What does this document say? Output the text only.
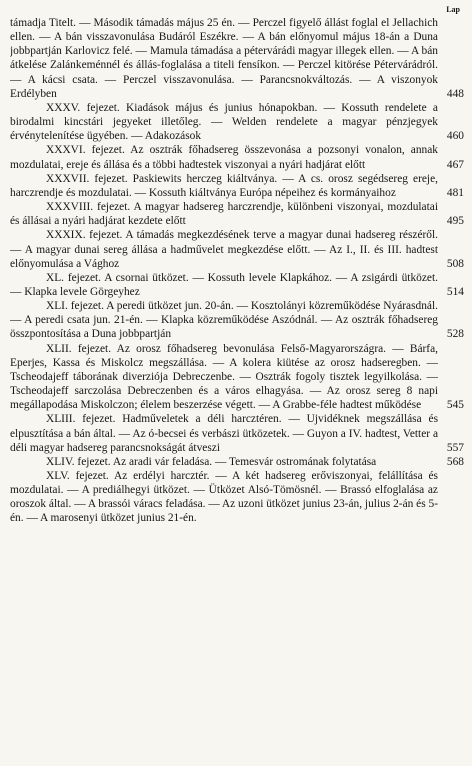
Lap
támadja Titelt. — Második támadás május 25 én. — Perczel figyelő állást foglal el Jellachich ellen. — A bán visszavonulása Budáról Eszékre. — A bán előnyomul május 18-án a Duna jobbpartján Karlovicz felé. — Mamula támadása a pétervárádi magyar illegek ellen. — A bán átkelése Zalánkeménnél és állás-foglalása a titeli fensíkon. — Perczel kitörése Pétervárádról. — A kácsi csata. — Perczel visszavonulása. — Parancsnokváltozás. — A viszonyok Erdélyben	448
XXXV. fejezet. Kiadások május és junius hónapokban. — Kossuth rendelete a birodalmi kincstári jegyeket illetőleg. — Welden rendelete a magyar pénzjegyek érvénytelenítése ügyében. — Adakozások	460
XXXVI. fejezet. Az osztrák főhadsereg összevonása a pozsonyi vonalon, annak mozdulatai, ereje és állása és a többi hadtestek viszonyai a nyári hadjárat előtt	467
XXXVII. fejezet. Paskiewits herczeg kiáltványa. — A cs. orosz segédsereg ereje, harczrendje és mozdulatai. — Kossuth kiáltványa Európa népeihez és kormányaihoz	481
XXXVIII. fejezet. A magyar hadsereg harczrendje, különbeni viszonyai, mozdulatai és állásai a nyári hadjárat kezdete előtt	495
XXXIX. fejezet. A támadás megkezdésének terve a magyar dunai hadsereg részéről. — A magyar dunai sereg állása a hadművelet megkezdése előtt. — Az I., II. és III. hadtest előnyomulása a Vághoz	508
XL. fejezet. A csornai ütközet. — Kossuth levele Klapkához. — A zsigárdi ütközet. — Klapka levele Görgeyhez	514
XLI. fejezet. A peredi ütközet jun. 20-án. — Kosztolányi közreműködése Nyárasdnál. — A peredi csata jun. 21-én. — Klapka közreműködése Aszódnál. — Az osztrák főhadsereg összpontosítása a Duna jobbpartján	528
XLII. fejezet. Az orosz főhadsereg bevonulása Felső-Magyarországra. — Bárfa, Eperjes, Kassa és Miskolcz megszállása. — A kolera kiütése az orosz hadseregben. — Tscheodajeff táborának diverziója Debreczenbe. — Osztrák fogoly tisztek legyilkolása. — Tscheodajeff sarczolása Debreczenben és a város elhagyása. — Az orosz sereg 8 napi megállapodása Miskolczon; élelem beszerzése végett. — A Grabbe-féle hadtest működése	545
XLIII. fejezet. Hadműveletek a déli harcztéren. — Ujvidéknek megszállása és elpusztítása a bán által. — Az ó-becsei és verbászi ütközetek. — Guyon a IV. hadtest, Vetter a déli magyar hadsereg parancsnokságát átveszi	557
XLIV. fejezet. Az aradi vár feladása. — Temesvár ostromának folytatása	568
XLV. fejezet. Az erdélyi harcztér. — A két hadsereg erőviszonyai, felállítása és mozdulatai. — A prediálhegyi ütközet. — Ütközet Alsó-Tömösnél. — Brassó elfoglalása az oroszok által. — A brassói váracs feladása. — Az uzoni ütközet junius 23-án, julius 2-án és 5-én. — A marosenyi ütközet junius 21-én.
